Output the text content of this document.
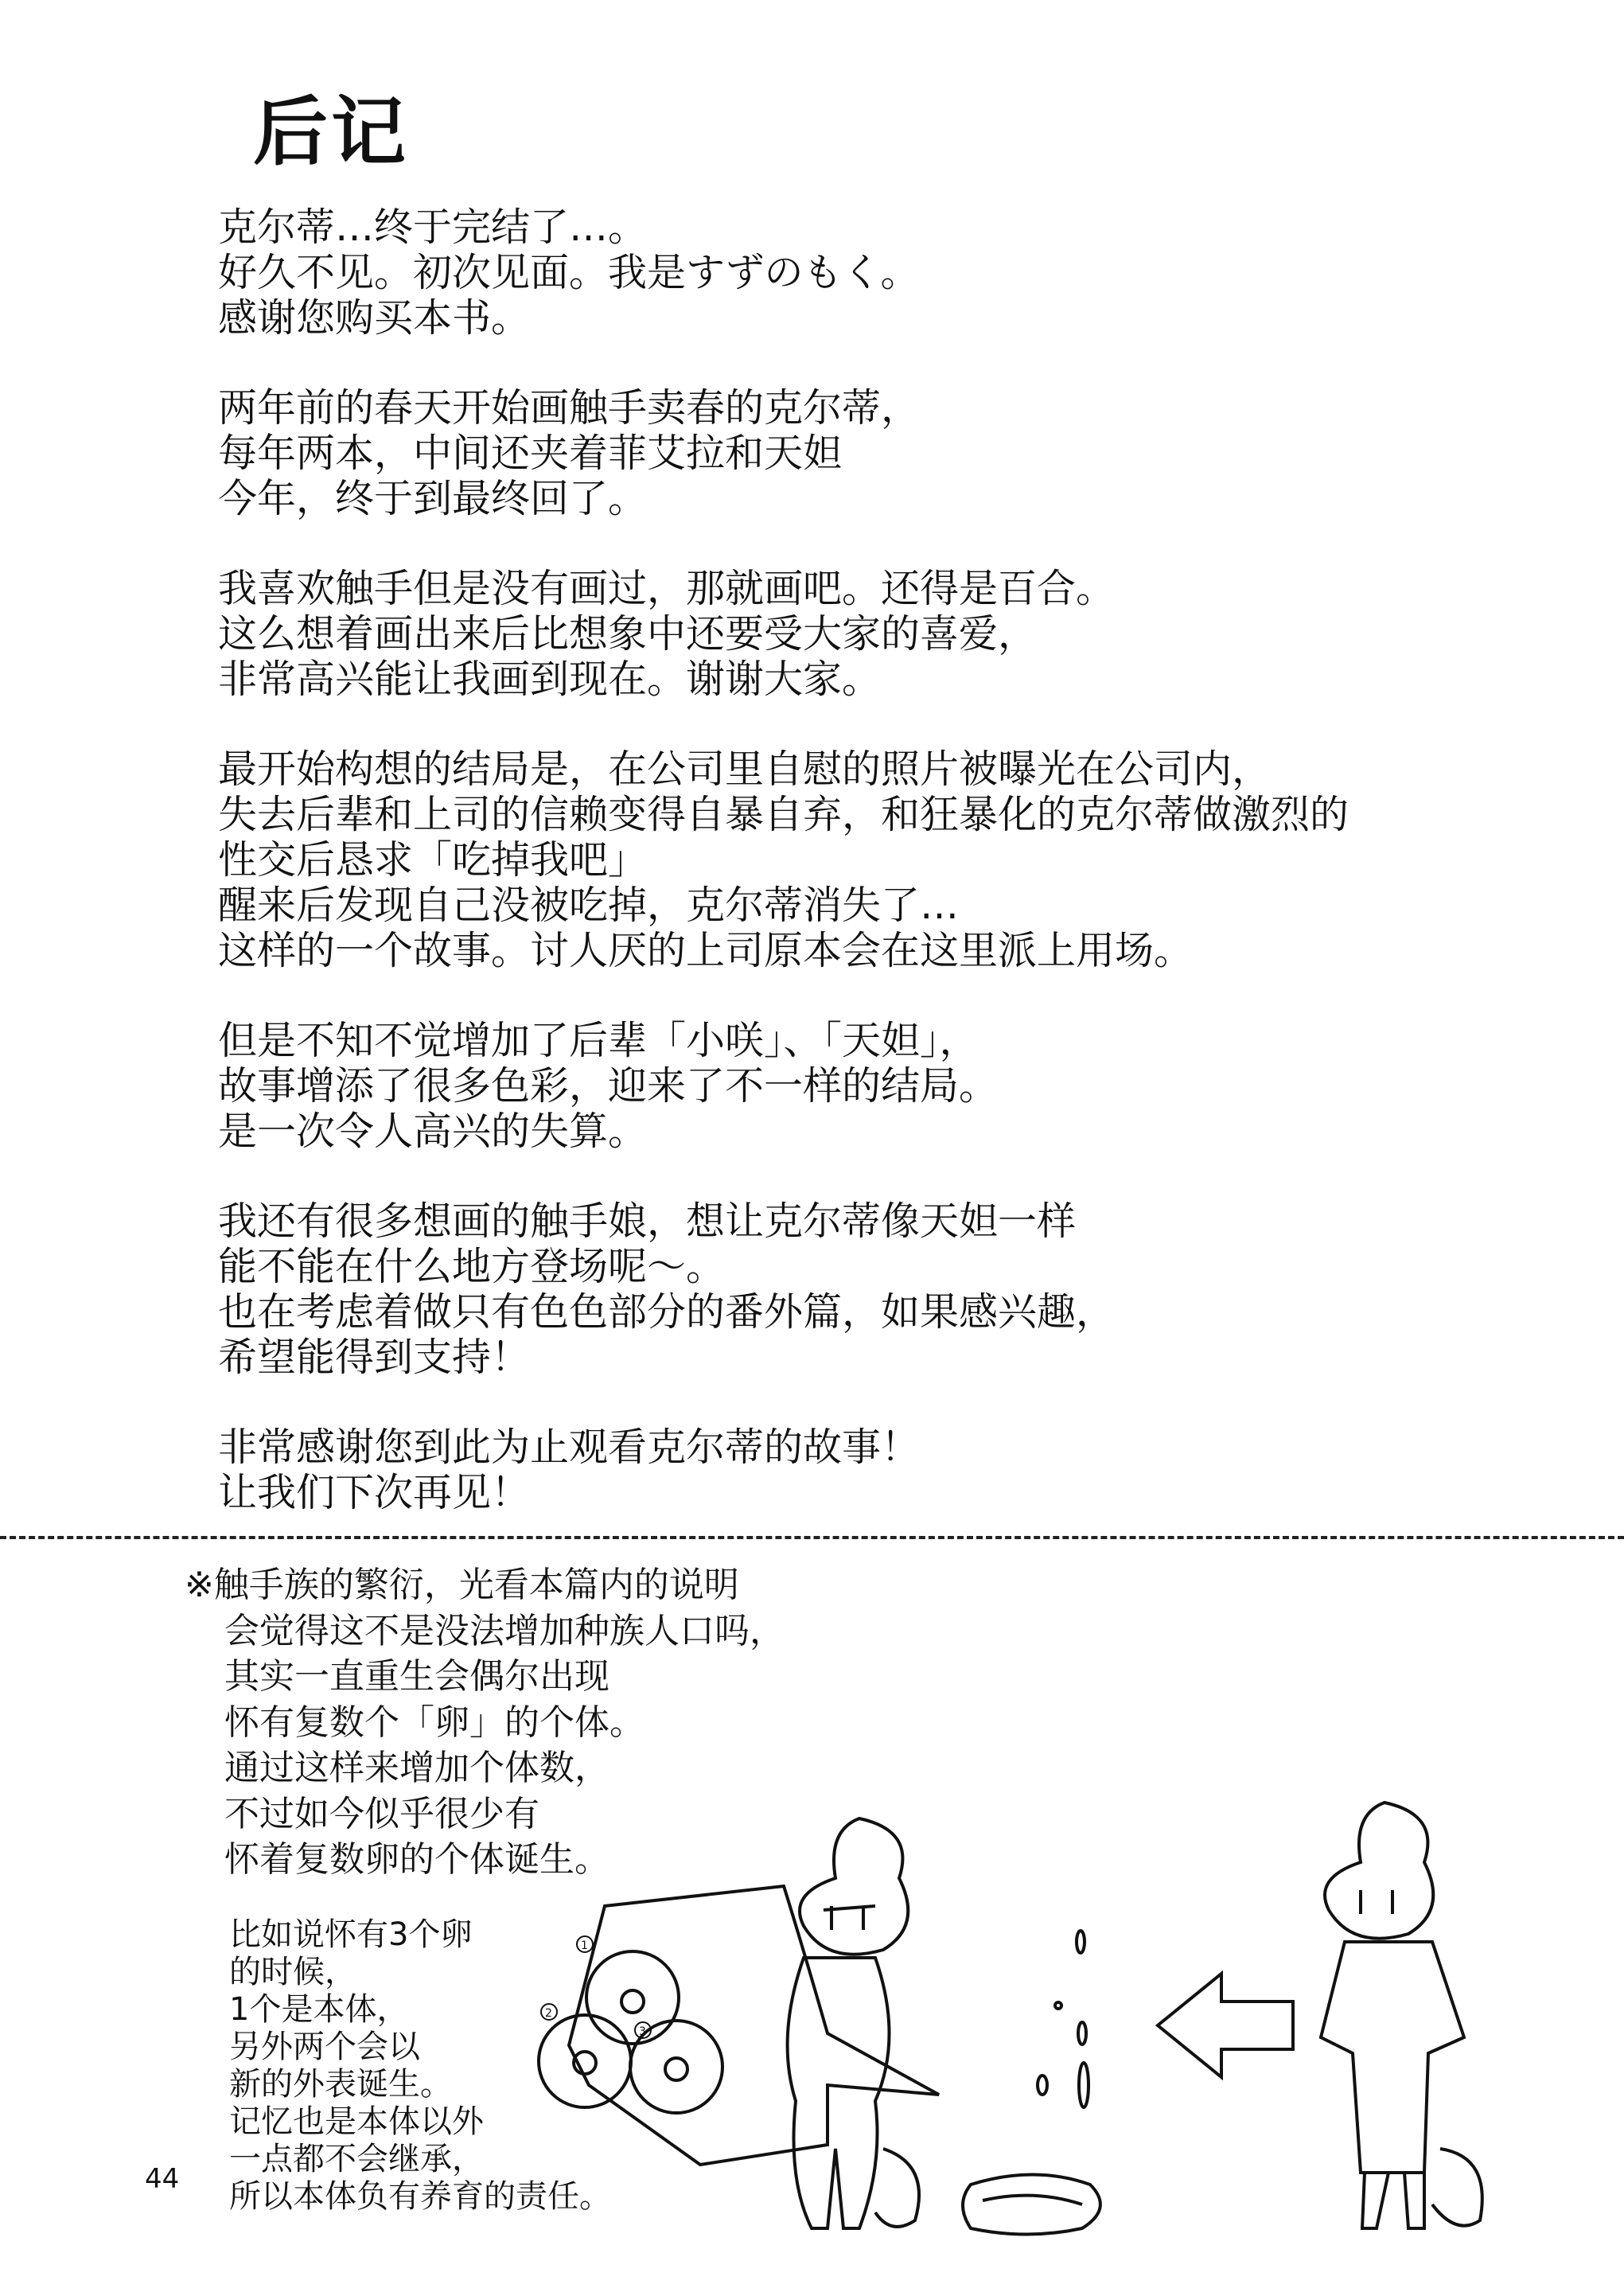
后记
克尔蒂…终于完结了…。
好久不见。初次见面。我是すずのもく。
感谢您购买本书。
两年前的春天开始画触手卖春的克尔蒂，
每年两本，中间还夹着菲艾拉和天妲
今年，终于到最终回了。
我喜欢触手但是没有画过，那就画吧。还得是百合。
这么想着画出来后比想象中还要受大家的喜爱，
非常高兴能让我画到现在。谢谢大家。
最开始构想的结局是，在公司里自慰的照片被曝光在公司内，
失去后辈和上司的信赖变得自暴自弃，和狂暴化的克尔蒂做激烈的
性交后恳求「吃掉我吧」
醒来后发现自己没被吃掉，克尔蒂消失了…
这样的一个故事。讨人厌的上司原本会在这里派上用场。
但是不知不觉增加了后辈「小咲」、「天妲」，
故事增添了很多色彩，迎来了不一样的结局。
是一次令人高兴的失算。
我还有很多想画的触手娘，想让克尔蒂像天妲一样
能不能在什么地方登场呢～。
也在考虑着做只有色色部分的番外篇，如果感兴趣，
希望能得到支持！
非常感谢您到此为止观看克尔蒂的故事！
让我们下次再见！
※触手族的繁衍，光看本篇内的说明
会觉得这不是没法增加种族人口吗，
其实一直重生会偶尔出现
怀有复数个「卵」的个体。
通过这样来增加个体数，
不过如今似乎很少有
怀着复数卵的个体诞生。
比如说怀有3个卵
的时候，
1个是本体，
另外两个会以
新的外表诞生。
记忆也是本体以外
一点都不会继承，
所以本体负有养育的责任。
44
1
2
3
